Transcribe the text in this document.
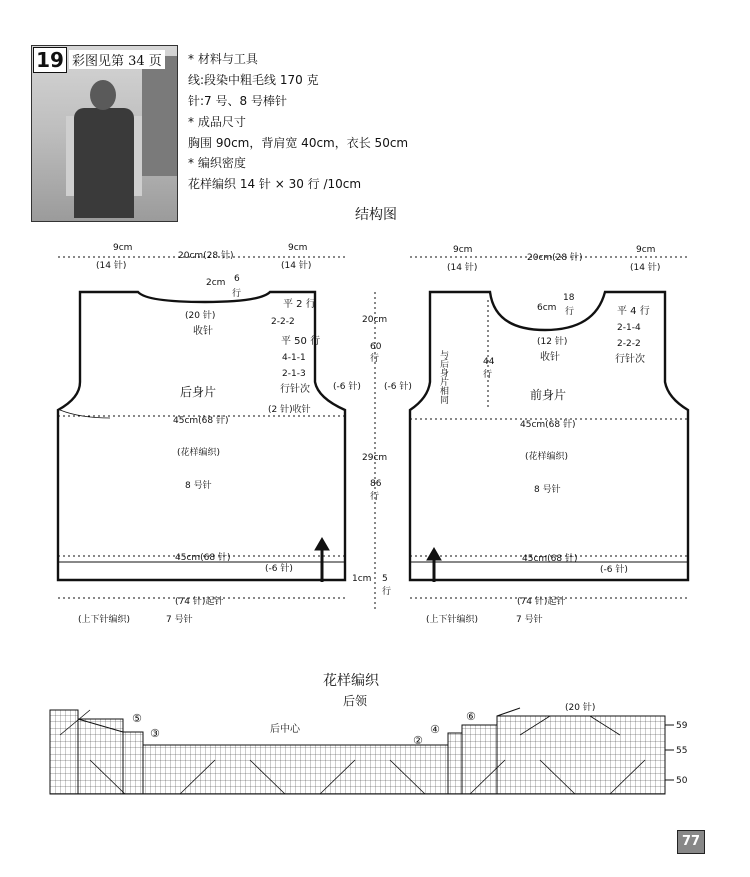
19 彩图见第 34 页 * 材料与工具
线:段染中粗毛线 170 克
针:7 号、8 号棒针
* 成品尺寸
胸围 90cm，背肩宽 40cm，衣长 50cm
* 编织密度
花样编织 14 针 × 30 行 /10cm
结构图
9cm
(14 针)
20cm(28 针)
9cm
(14 针)
2cm 6
行
(20 针)
收针
平 2 行
2-2-2
平 50 行
4-1-1
2-1-3
行针次
(2 针)收针
(-6 针)
后身片
45cm(68 针)
(花样编织)
8 号针
45cm(68 针)
(-6 针)
(74 针)起针
(上下针编织)	7 号针
20cm
60
行
29cm
86
行
1cm 5
行
9cm
(14 针)
20cm(28 针)
9cm
(14 针)
6cm
18
行
(12 针)
收针
平 4 行
2-1-4
2-2-2
行针次
44
行
与后身片相同
(-6 针)
前身片
45cm(68 针)
(花样编织)
8 号针
45cm(68 针)
(-6 针)
(74 针)起针
(上下针编织)	7 号针
花样编织
后领
⑤
③	后中心
②
④
⑥
(20 针)
59
55
50
77
